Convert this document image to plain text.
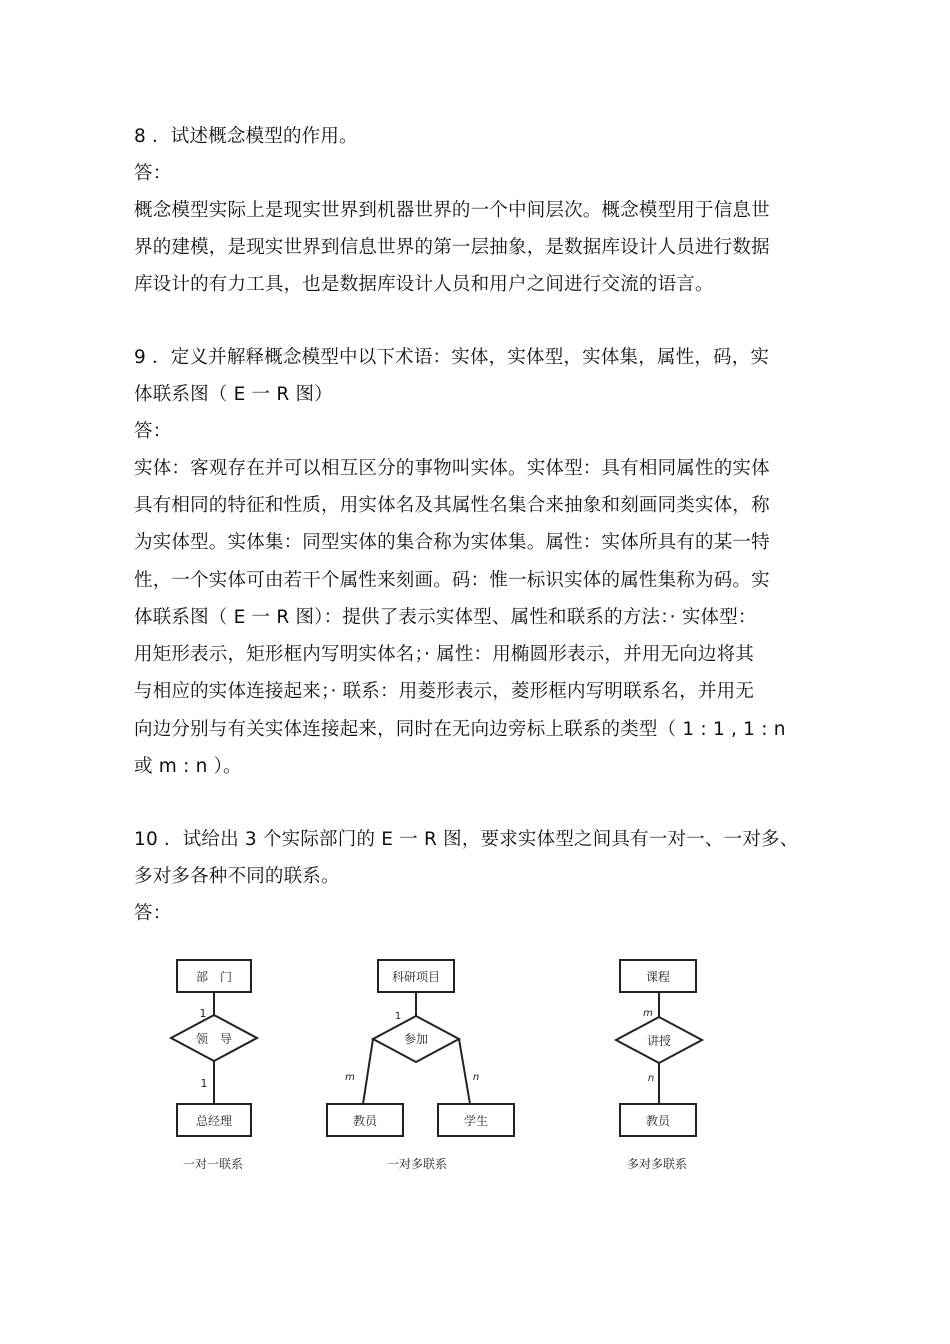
8 ．试述概念模型的作用。
答：
概念模型实际上是现实世界到机器世界的一个中间层次。概念模型用于信息世
界的建模，是现实世界到信息世界的第一层抽象，是数据库设计人员进行数据
库设计的有力工具，也是数据库设计人员和用户之间进行交流的语言。
9 ．定义并解释概念模型中以下术语：实体，实体型，实体集，属性，码，实
体联系图（ E 一 R 图）
答：
实体：客观存在并可以相互区分的事物叫实体。实体型：具有相同属性的实体
具有相同的特征和性质，用实体名及其属性名集合来抽象和刻画同类实体，称
为实体型。实体集：同型实体的集合称为实体集。属性：实体所具有的某一特
性，一个实体可由若干个属性来刻画。码：惟一标识实体的属性集称为码。实
体联系图（ E 一 R 图）：提供了表示实体型、属性和联系的方法：· 实体型：
用矩形表示，矩形框内写明实体名；· 属性：用椭圆形表示，并用无向边将其
与相应的实体连接起来；· 联系：用菱形表示，菱形框内写明联系名，并用无
向边分别与有关实体连接起来，同时在无向边旁标上联系的类型（ 1 : 1 , 1 : n
或 m : n ）。
10 ．试给出 3 个实际部门的 E 一 R 图，要求实体型之间具有一对一、一对多、
多对多各种不同的联系。
答：
部　门
领　导
总经理
1
1
一对一联系
科研项目
参加
教员	学生
1
m	n
一对多联系
课程
讲授
教员
m
n
多对多联系
